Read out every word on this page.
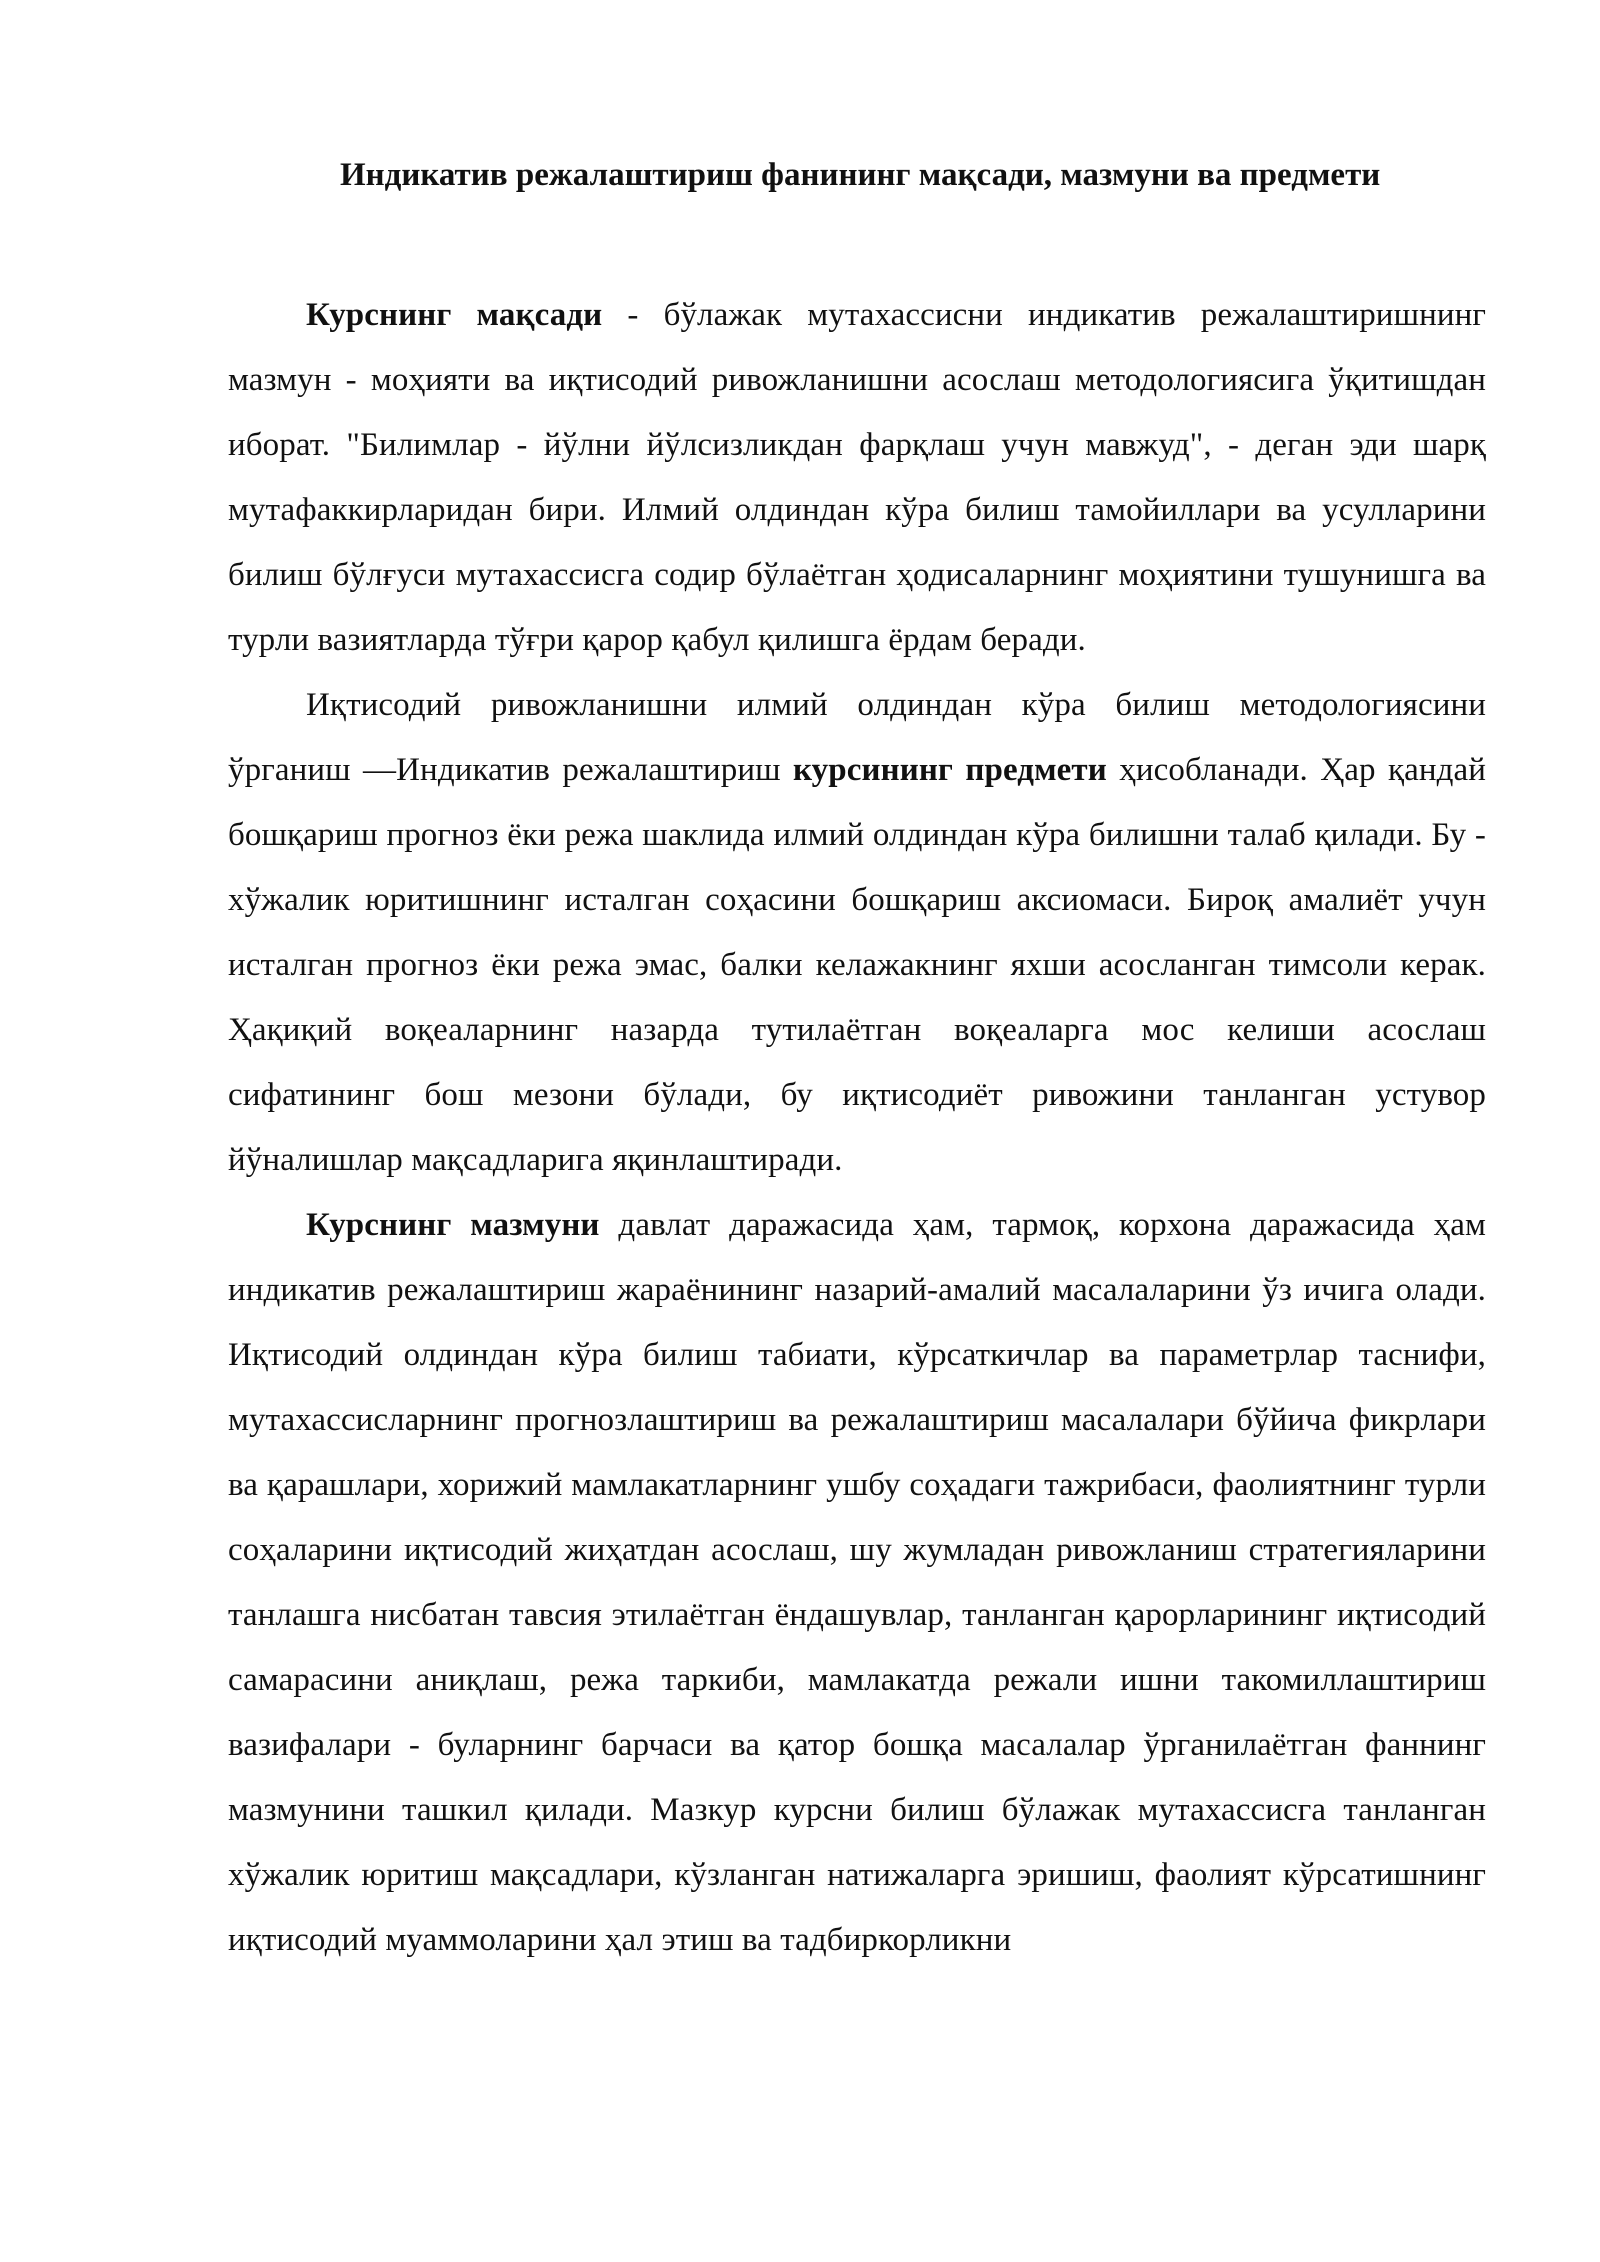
Индикатив режалаштириш фанининг мақсади, мазмуни ва предмети

Курснинг мақсади - бўлажак мутахассисни индикатив режалаштиришнинг мазмун - моҳияти ва иқтисодий ривожланишни асослаш методологиясига ўқитишдан иборат. "Билимлар - йўлни йўлсизликдан фарқлаш учун мавжуд", - деган эди шарқ мутафаккирларидан бири. Илмий олдиндан кўра билиш тамойиллари ва усулларини билиш бўлғуси мутахассисга содир бўлаётган ҳодисаларнинг моҳиятини тушунишга ва турли вазиятларда тўғри қарор қабул қилишга ёрдам беради.

Иқтисодий ривожланишни илмий олдиндан кўра билиш методологиясини ўрганиш —Индикатив режалаштириш курсининг предмети ҳисобланади. Ҳар қандай бошқариш прогноз ёки режа шаклида илмий олдиндан кўра билишни талаб қилади. Бу - хўжалик юритишнинг исталган соҳасини бошқариш аксиомаси. Бироқ амалиёт учун исталган прогноз ёки режа эмас, балки келажакнинг яхши асосланган тимсоли керак. Ҳақиқий воқеаларнинг назарда тутилаётган воқеаларга мос келиши асослаш сифатининг бош мезони бўлади, бу иқтисодиёт ривожини танланган устувор йўналишлар мақсадларига яқинлаштиради.

Курснинг мазмуни давлат даражасида ҳам, тармоқ, корхона даражасида ҳам индикатив режалаштириш жараёнининг назарий-амалий масалаларини ўз ичига олади. Иқтисодий олдиндан кўра билиш табиати, кўрсаткичлар ва параметрлар таснифи, мутахассисларнинг прогнозлаштириш ва режалаштириш масалалари бўйича фикрлари ва қарашлари, хорижий мамлакатларнинг ушбу соҳадаги тажрибаси, фаолиятнинг турли соҳаларини иқтисодий жиҳатдан асослаш, шу жумладан ривожланиш стратегияларини танлашга нисбатан тавсия этилаётган ёндашувлар, танланган қарорларининг иқтисодий самарасини аниқлаш, режа таркиби, мамлакатда режали ишни такомиллаштириш вазифалари - буларнинг барчаси ва қатор бошқа масалалар ўрганилаётган фаннинг мазмунини ташкил қилади. Мазкур курсни билиш бўлажак мутахассисга танланган хўжалик юритиш мақсадлари, кўзланган натижаларга эришиш, фаолият кўрсатишнинг иқтисодий муаммоларини ҳал этиш ва тадбиркорликни
